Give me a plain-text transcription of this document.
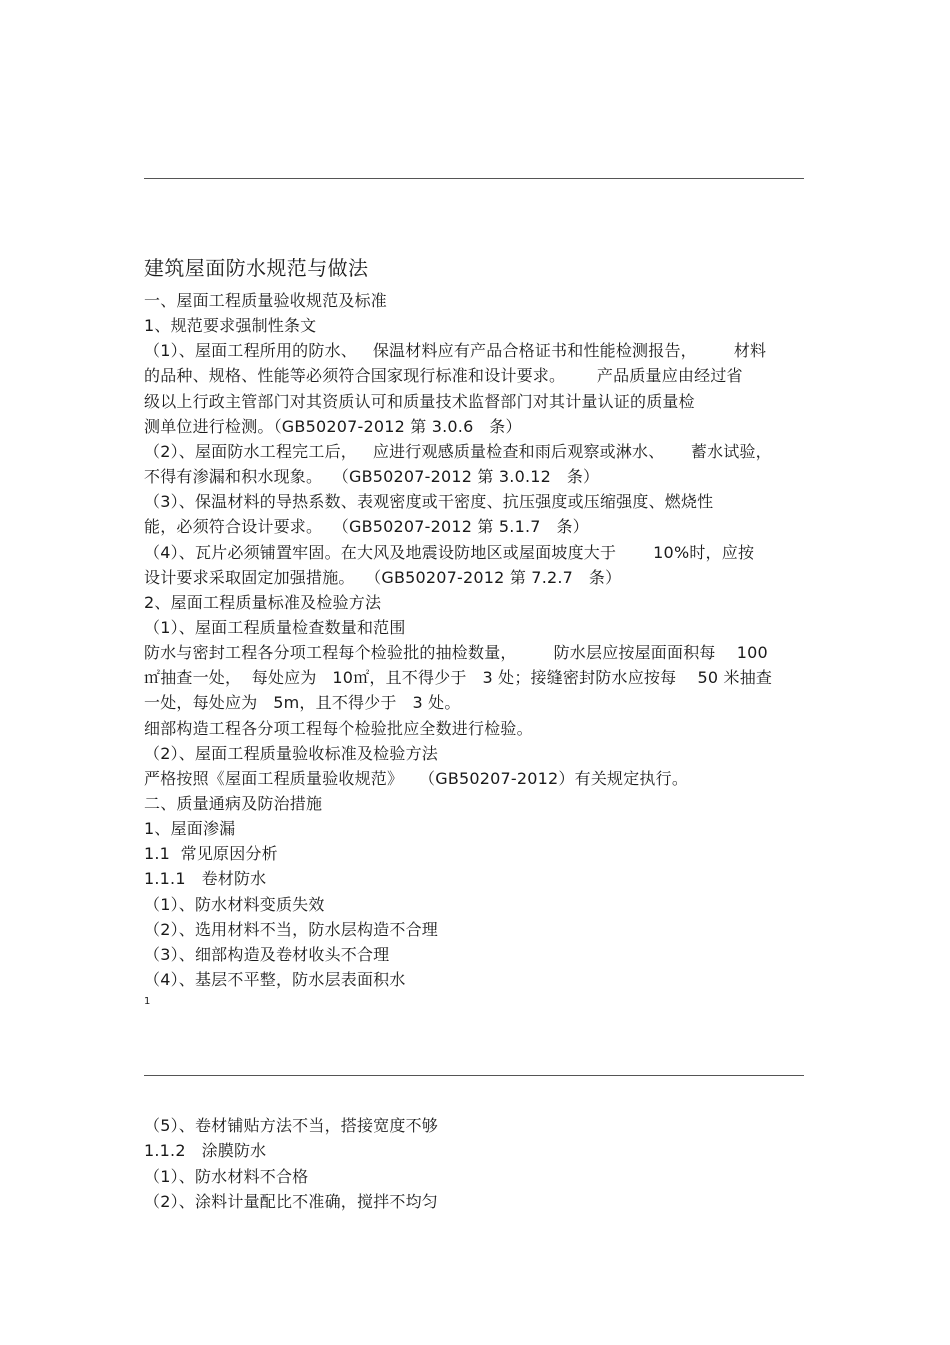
建筑屋面防水规范与做法
一、屋面工程质量验收规范及标准
1、规范要求强制性条文
（1）、屋面工程所用的防水、   保温材料应有产品合格证书和性能检测报告，       材料
的品种、规格、性能等必须符合国家现行标准和设计要求。      产品质量应由经过省
级以上行政主管部门对其资质认可和质量技术监督部门对其计量认证的质量检
测单位进行检测。（GB50207-2012 第 3.0.6   条）
（2）、屋面防水工程完工后，   应进行观感质量检查和雨后观察或淋水、     蓄水试验，
不得有渗漏和积水现象。  （GB50207-2012 第 3.0.12   条）
（3）、保温材料的导热系数、表观密度或干密度、抗压强度或压缩强度、燃烧性
能，必须符合设计要求。  （GB50207-2012 第 5.1.7   条）
（4）、瓦片必须铺置牢固。在大风及地震设防地区或屋面坡度大于       10%时，应按
设计要求采取固定加强措施。  （GB50207-2012 第 7.2.7   条）
2、屋面工程质量标准及检验方法
（1）、屋面工程质量检查数量和范围
防水与密封工程各分项工程每个检验批的抽检数量，       防水层应按屋面面积每    100
㎡抽查一处，  每处应为   10㎡，且不得少于   3 处；接缝密封防水应按每    50 米抽查
一处，每处应为   5m，且不得少于   3 处。
细部构造工程各分项工程每个检验批应全数进行检验。
（2）、屋面工程质量验收标准及检验方法
严格按照《屋面工程质量验收规范》   （GB50207-2012）有关规定执行。
二、质量通病及防治措施
1、屋面渗漏
1.1  常见原因分析
1.1.1   卷材防水
（1）、防水材料变质失效
（2）、选用材料不当，防水层构造不合理
（3）、细部构造及卷材收头不合理
（4）、基层不平整，防水层表面积水
1
（5）、卷材铺贴方法不当，搭接宽度不够
1.1.2   涂膜防水
（1）、防水材料不合格
（2）、涂料计量配比不准确，搅拌不均匀
